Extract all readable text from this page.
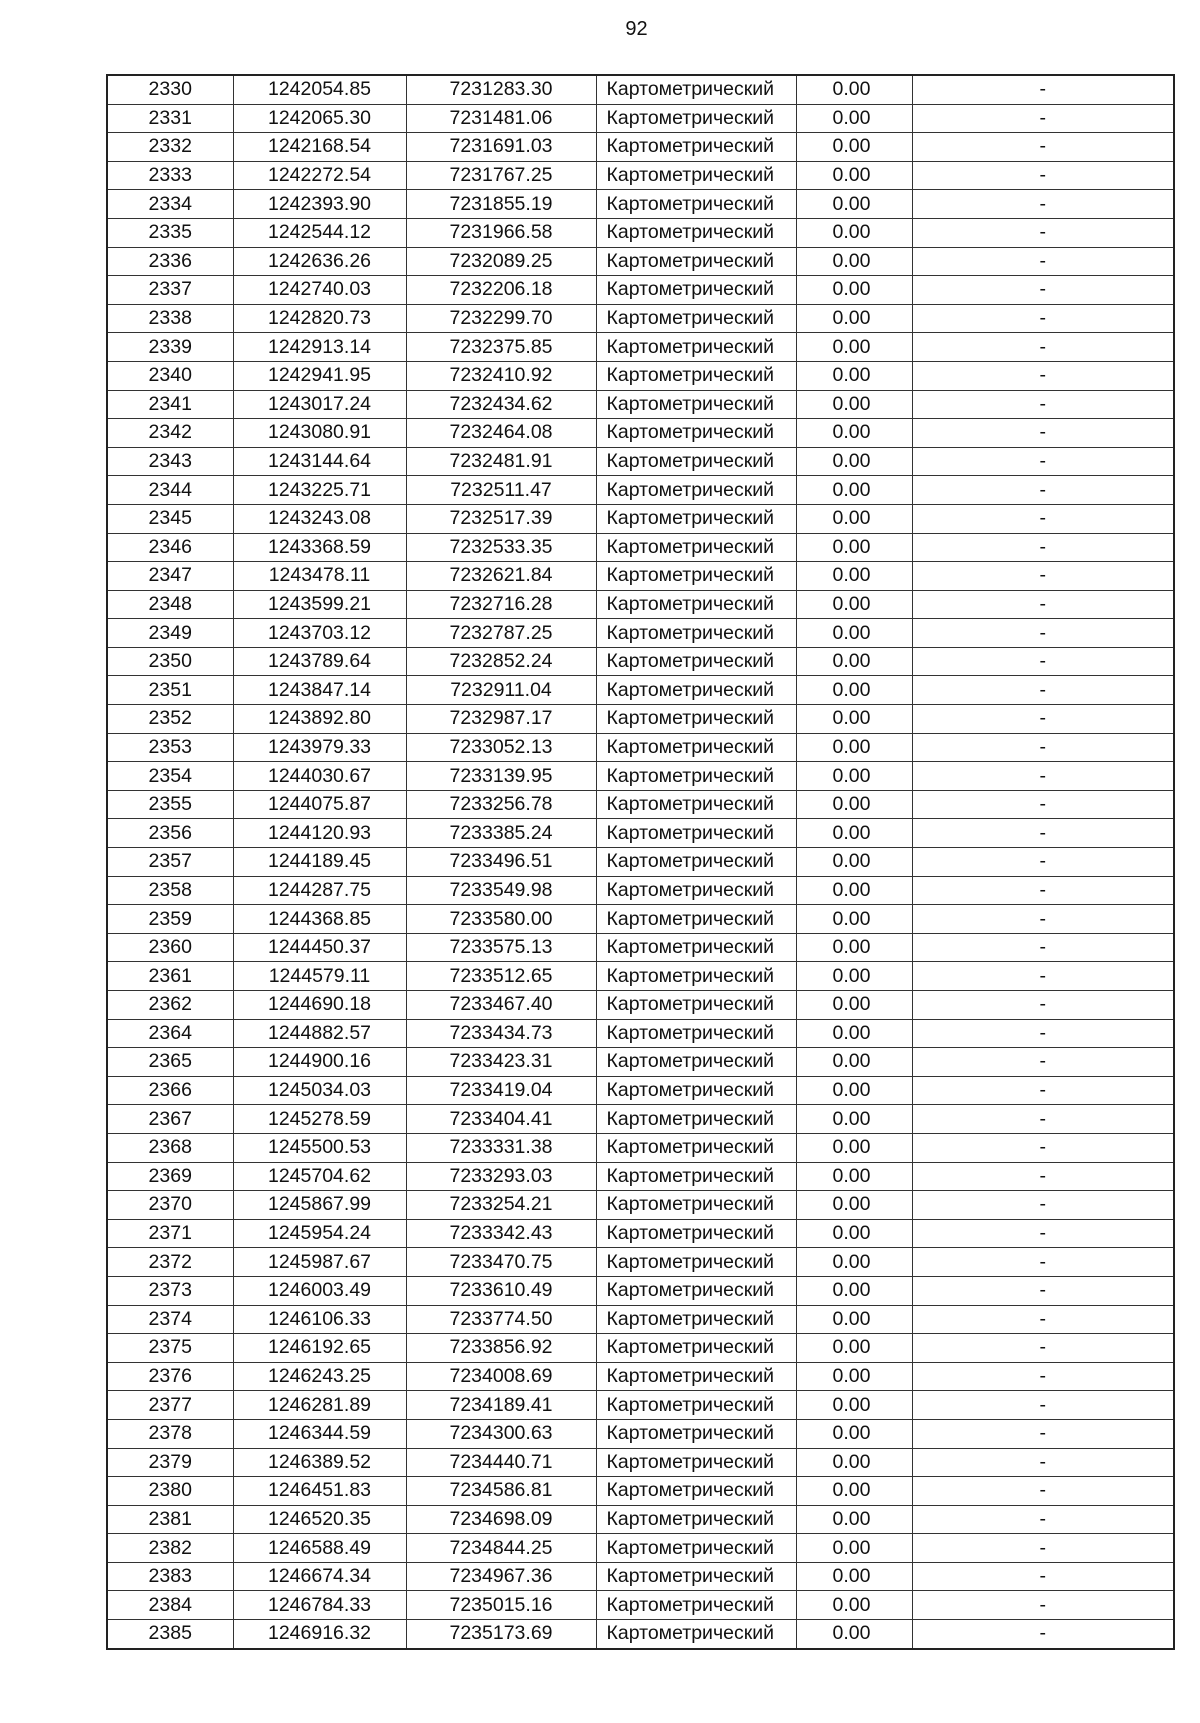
92
2330	1242054.85	7231283.30	Картометрический	0.00	-
2331	1242065.30	7231481.06	Картометрический	0.00	-
2332	1242168.54	7231691.03	Картометрический	0.00	-
2333	1242272.54	7231767.25	Картометрический	0.00	-
2334	1242393.90	7231855.19	Картометрический	0.00	-
2335	1242544.12	7231966.58	Картометрический	0.00	-
2336	1242636.26	7232089.25	Картометрический	0.00	-
2337	1242740.03	7232206.18	Картометрический	0.00	-
2338	1242820.73	7232299.70	Картометрический	0.00	-
2339	1242913.14	7232375.85	Картометрический	0.00	-
2340	1242941.95	7232410.92	Картометрический	0.00	-
2341	1243017.24	7232434.62	Картометрический	0.00	-
2342	1243080.91	7232464.08	Картометрический	0.00	-
2343	1243144.64	7232481.91	Картометрический	0.00	-
2344	1243225.71	7232511.47	Картометрический	0.00	-
2345	1243243.08	7232517.39	Картометрический	0.00	-
2346	1243368.59	7232533.35	Картометрический	0.00	-
2347	1243478.11	7232621.84	Картометрический	0.00	-
2348	1243599.21	7232716.28	Картометрический	0.00	-
2349	1243703.12	7232787.25	Картометрический	0.00	-
2350	1243789.64	7232852.24	Картометрический	0.00	-
2351	1243847.14	7232911.04	Картометрический	0.00	-
2352	1243892.80	7232987.17	Картометрический	0.00	-
2353	1243979.33	7233052.13	Картометрический	0.00	-
2354	1244030.67	7233139.95	Картометрический	0.00	-
2355	1244075.87	7233256.78	Картометрический	0.00	-
2356	1244120.93	7233385.24	Картометрический	0.00	-
2357	1244189.45	7233496.51	Картометрический	0.00	-
2358	1244287.75	7233549.98	Картометрический	0.00	-
2359	1244368.85	7233580.00	Картометрический	0.00	-
2360	1244450.37	7233575.13	Картометрический	0.00	-
2361	1244579.11	7233512.65	Картометрический	0.00	-
2362	1244690.18	7233467.40	Картометрический	0.00	-
2364	1244882.57	7233434.73	Картометрический	0.00	-
2365	1244900.16	7233423.31	Картометрический	0.00	-
2366	1245034.03	7233419.04	Картометрический	0.00	-
2367	1245278.59	7233404.41	Картометрический	0.00	-
2368	1245500.53	7233331.38	Картометрический	0.00	-
2369	1245704.62	7233293.03	Картометрический	0.00	-
2370	1245867.99	7233254.21	Картометрический	0.00	-
2371	1245954.24	7233342.43	Картометрический	0.00	-
2372	1245987.67	7233470.75	Картометрический	0.00	-
2373	1246003.49	7233610.49	Картометрический	0.00	-
2374	1246106.33	7233774.50	Картометрический	0.00	-
2375	1246192.65	7233856.92	Картометрический	0.00	-
2376	1246243.25	7234008.69	Картометрический	0.00	-
2377	1246281.89	7234189.41	Картометрический	0.00	-
2378	1246344.59	7234300.63	Картометрический	0.00	-
2379	1246389.52	7234440.71	Картометрический	0.00	-
2380	1246451.83	7234586.81	Картометрический	0.00	-
2381	1246520.35	7234698.09	Картометрический	0.00	-
2382	1246588.49	7234844.25	Картометрический	0.00	-
2383	1246674.34	7234967.36	Картометрический	0.00	-
2384	1246784.33	7235015.16	Картометрический	0.00	-
2385	1246916.32	7235173.69	Картометрический	0.00	-
